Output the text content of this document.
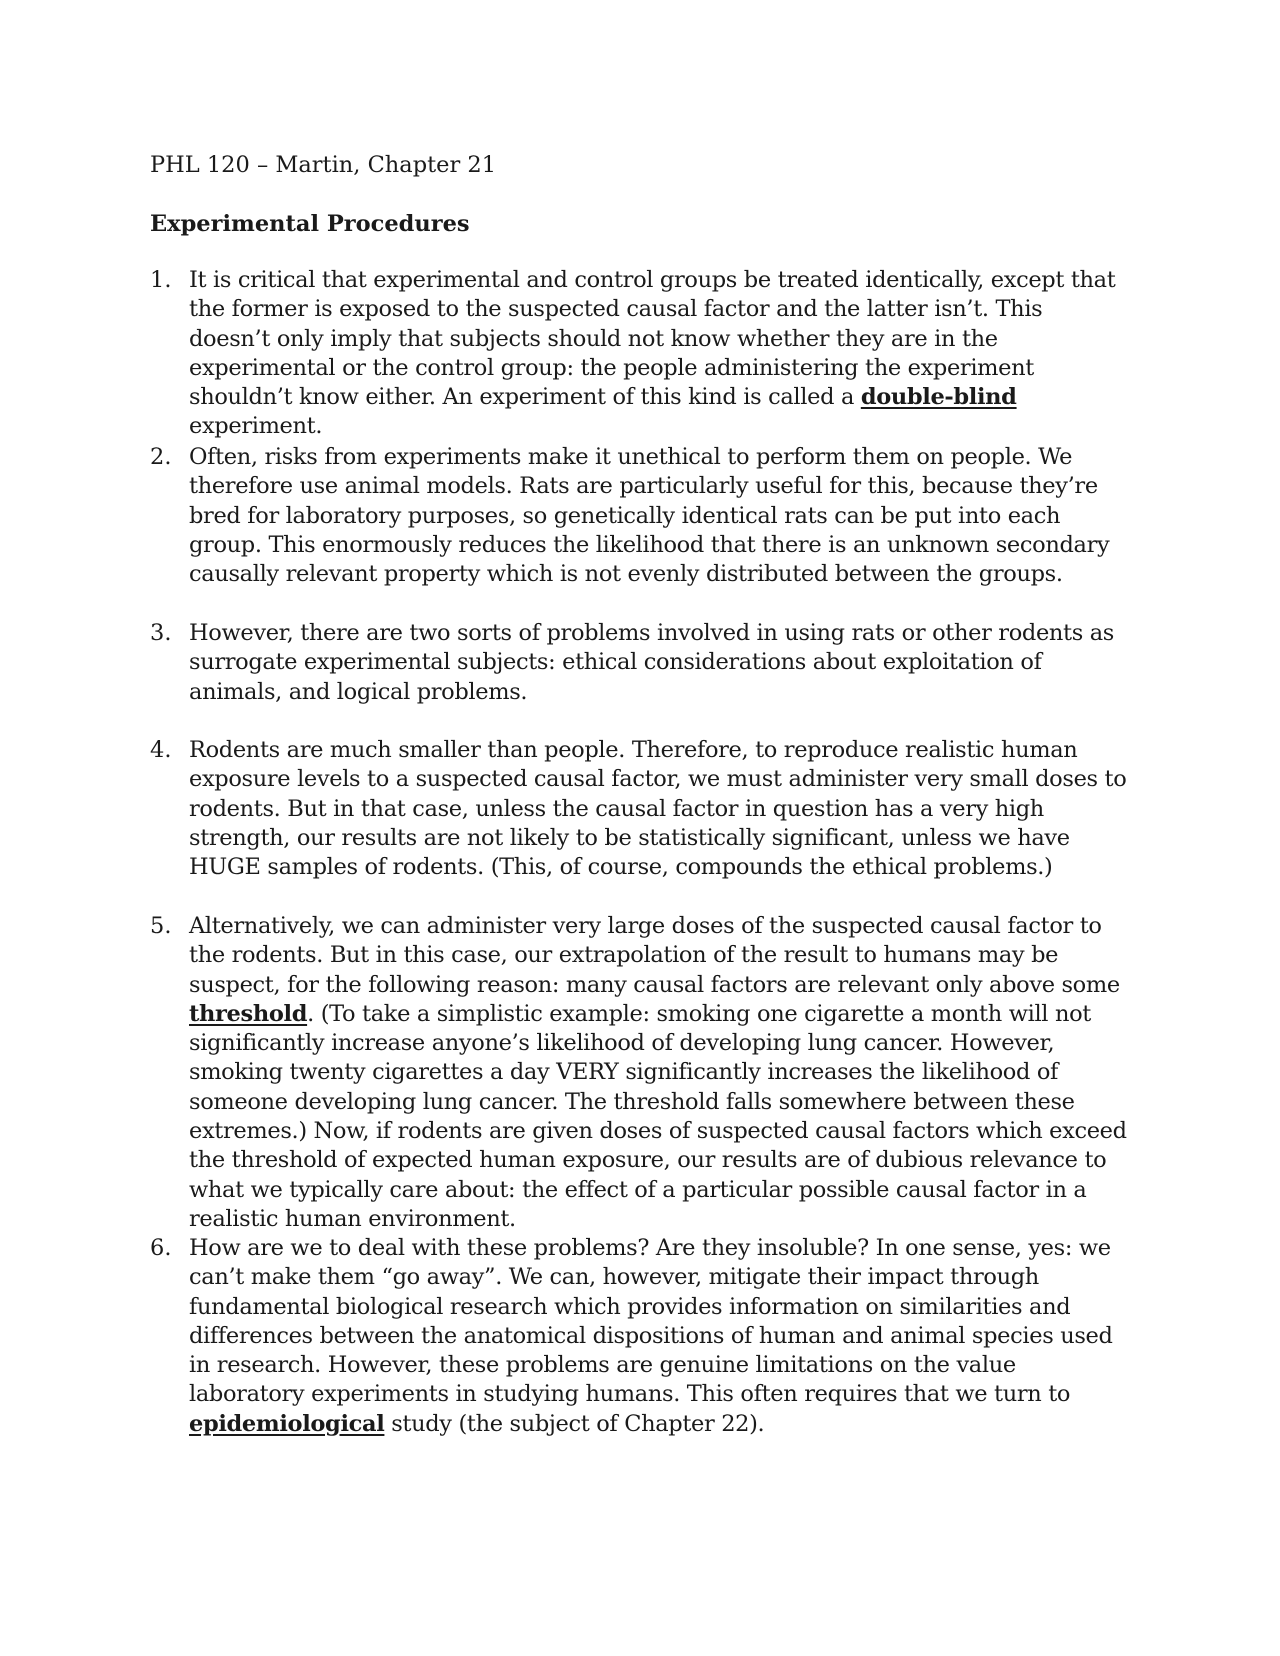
PHL 120 – Martin, Chapter 21
Experimental Procedures
1. It is critical that experimental and control groups be treated identically, except that the former is exposed to the suspected causal factor and the latter isn’t. This doesn’t only imply that subjects should not know whether they are in the experimental or the control group: the people administering the experiment shouldn’t know either. An experiment of this kind is called a double-blind experiment.

2. Often, risks from experiments make it unethical to perform them on people. We therefore use animal models. Rats are particularly useful for this, because they’re bred for laboratory purposes, so genetically identical rats can be put into each group. This enormously reduces the likelihood that there is an unknown secondary causally relevant property which is not evenly distributed between the groups.

3. However, there are two sorts of problems involved in using rats or other rodents as surrogate experimental subjects: ethical considerations about exploitation of animals, and logical problems.

4. Rodents are much smaller than people. Therefore, to reproduce realistic human exposure levels to a suspected causal factor, we must administer very small doses to rodents. But in that case, unless the causal factor in question has a very high strength, our results are not likely to be statistically significant, unless we have HUGE samples of rodents. (This, of course, compounds the ethical problems.)

5. Alternatively, we can administer very large doses of the suspected causal factor to the rodents. But in this case, our extrapolation of the result to humans may be suspect, for the following reason: many causal factors are relevant only above some threshold. (To take a simplistic example: smoking one cigarette a month will not significantly increase anyone’s likelihood of developing lung cancer. However, smoking twenty cigarettes a day VERY significantly increases the likelihood of someone developing lung cancer. The threshold falls somewhere between these extremes.) Now, if rodents are given doses of suspected causal factors which exceed the threshold of expected human exposure, our results are of dubious relevance to what we typically care about: the effect of a particular possible causal factor in a realistic human environment.

6. How are we to deal with these problems? Are they insoluble? In one sense, yes: we can’t make them “go away”. We can, however, mitigate their impact through fundamental biological research which provides information on similarities and differences between the anatomical dispositions of human and animal species used in research. However, these problems are genuine limitations on the value laboratory experiments in studying humans. This often requires that we turn to epidemiological study (the subject of Chapter 22).
